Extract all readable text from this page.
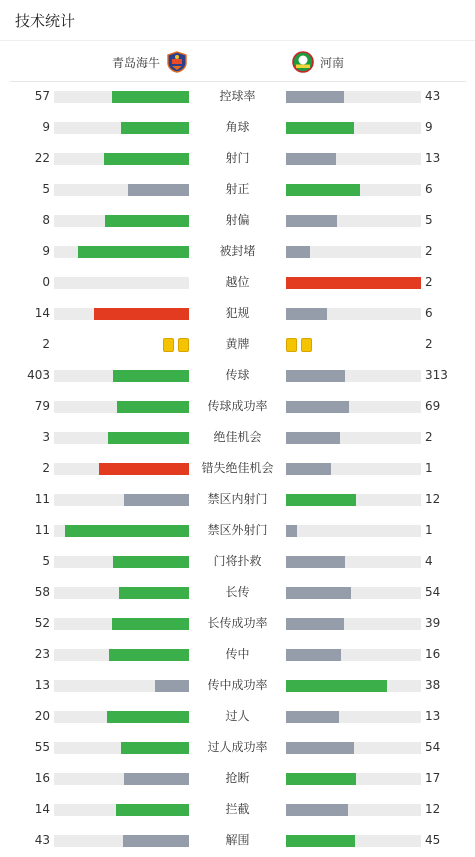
技术统计
青岛海牛	河南
57	控球率	43
9	角球	9
22	射门	13
5	射正	6
8	射偏	5
9	被封堵	2
0	越位	2
14	犯规	6
2	黄牌	2
403	传球	313
79	传球成功率	69
3	绝佳机会	2
2	错失绝佳机会	1
11	禁区内射门	12
11	禁区外射门	1
5	门将扑救	4
58	长传	54
52	长传成功率	39
23	传中	16
13	传中成功率	38
20	过人	13
55	过人成功率	54
16	抢断	17
14	拦截	12
43	解围	45
